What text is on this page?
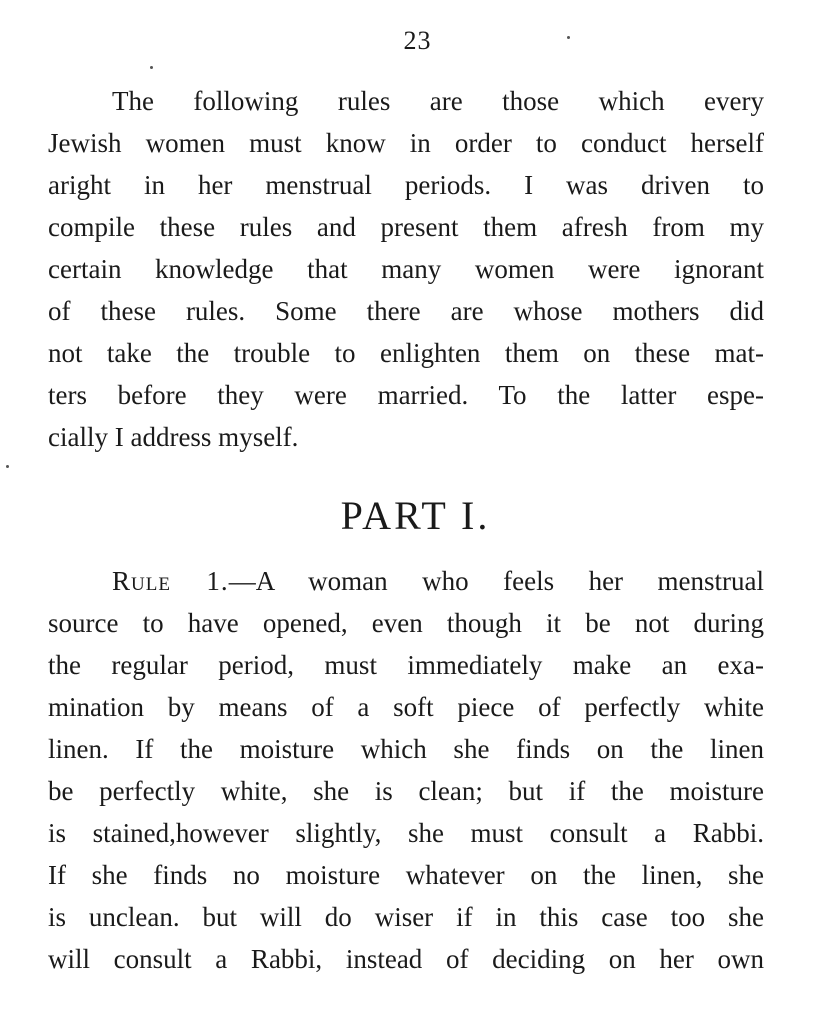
23
The following rules are those which every
Jewish women must know in order to conduct herself
aright in her menstrual periods. I was driven to
compile these rules and present them afresh from my
certain knowledge that many women were ignorant
of these rules. Some there are whose mothers did
not take the trouble to enlighten them on these mat-
ters before they were married. To the latter espe-
cially I address myself.
PART I.
Rule 1.—A woman who feels her menstrual
source to have opened, even though it be not during
the regular period, must immediately make an exa-
mination by means of a soft piece of perfectly white
linen. If the moisture which she finds on the linen
be perfectly white, she is clean; but if the moisture
is stained,however slightly, she must consult a Rabbi.
If she finds no moisture whatever on the linen, she
is unclean. but will do wiser if in this case too she
will consult a Rabbi, instead of deciding on her own
